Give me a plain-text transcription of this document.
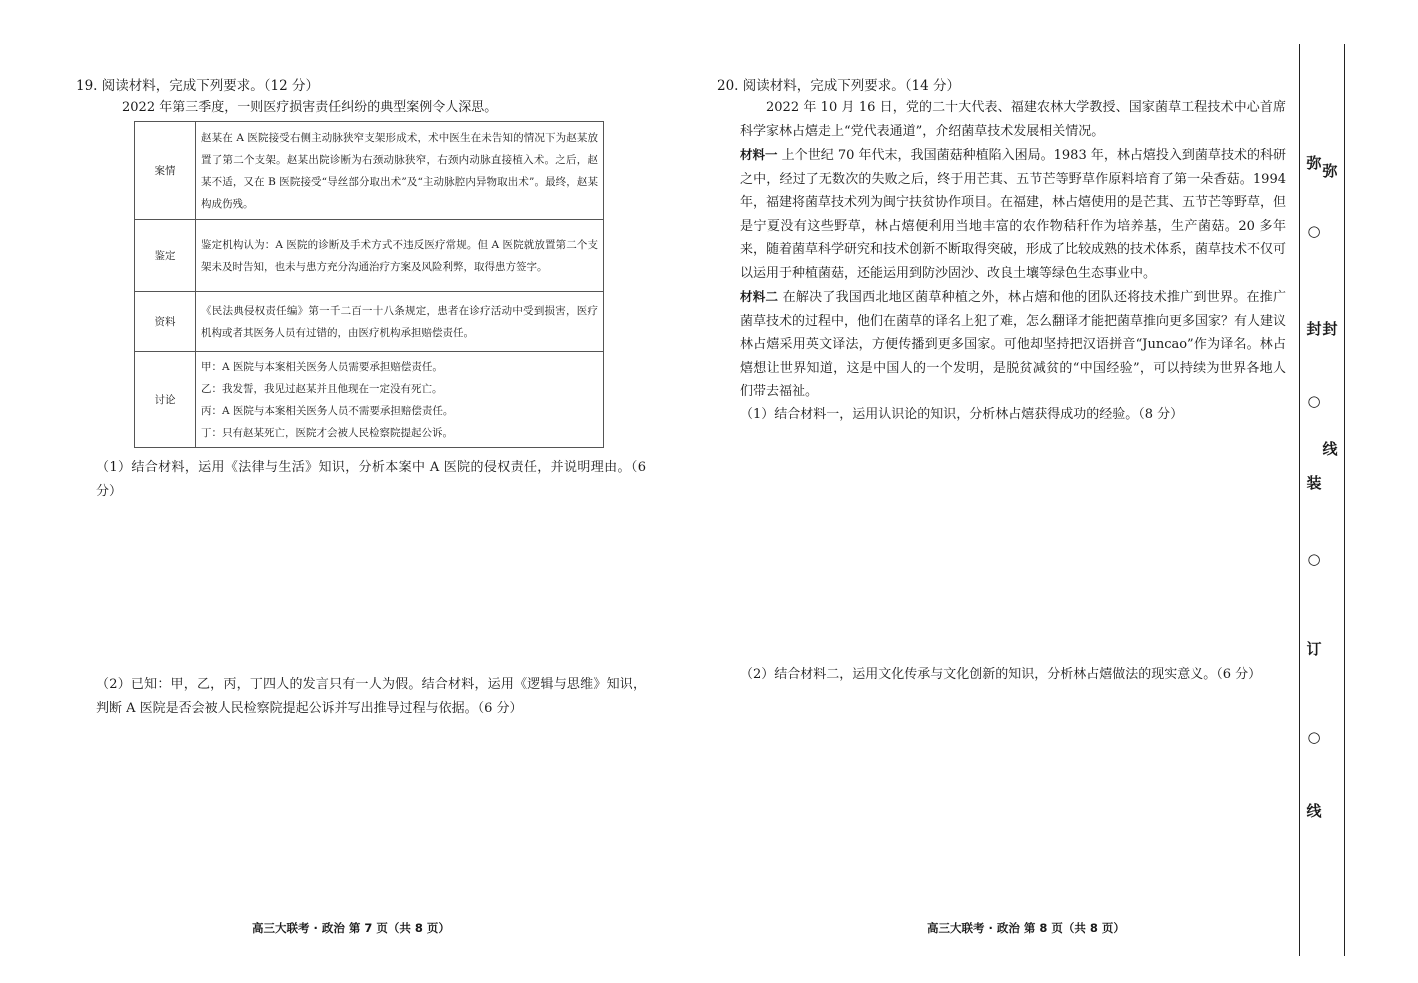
19. 阅读材料，完成下列要求。（12 分）
2022 年第三季度，一则医疗损害责任纠纷的典型案例令人深思。
案情	赵某在 A 医院接受右侧主动脉狭窄支架形成术，术中医生在未告知的情况下为赵某放置了第二个支架。赵某出院诊断为右颈动脉狭窄，右颈内动脉直接植入术。之后，赵某不适，又在 B 医院接受“导丝部分取出术”及“主动脉腔内异物取出术”。最终，赵某构成伤残。
鉴定	鉴定机构认为：A 医院的诊断及手术方式不违反医疗常规。但 A 医院就放置第二个支架未及时告知，也未与患方充分沟通治疗方案及风险利弊，取得患方签字。
资料	《民法典侵权责任编》第一千二百一十八条规定，患者在诊疗活动中受到损害，医疗机构或者其医务人员有过错的，由医疗机构承担赔偿责任。
讨论	甲：A 医院与本案相关医务人员需要承担赔偿责任。
乙：我发誓，我见过赵某并且他现在一定没有死亡。
丙：A 医院与本案相关医务人员不需要承担赔偿责任。
丁：只有赵某死亡，医院才会被人民检察院提起公诉。
（1）结合材料，运用《法律与生活》知识，分析本案中 A 医院的侵权责任，并说明理由。（6 分）
（2）已知：甲，乙，丙，丁四人的发言只有一人为假。结合材料，运用《逻辑与思维》知识，判断 A 医院是否会被人民检察院提起公诉并写出推导过程与依据。（6 分）
20. 阅读材料，完成下列要求。（14 分）
2022 年 10 月 16 日，党的二十大代表、福建农林大学教授、国家菌草工程技术中心首席科学家林占熺走上“党代表通道”，介绍菌草技术发展相关情况。
材料一 上个世纪 70 年代末，我国菌菇种植陷入困局。1983 年，林占熺投入到菌草技术的科研之中，经过了无数次的失败之后，终于用芒萁、五节芒等野草作原料培育了第一朵香菇。1994 年，福建将菌草技术列为闽宁扶贫协作项目。在福建，林占熺使用的是芒萁、五节芒等野草，但是宁夏没有这些野草，林占熺便利用当地丰富的农作物秸秆作为培养基，生产菌菇。20 多年来，随着菌草科学研究和技术创新不断取得突破，形成了比较成熟的技术体系，菌草技术不仅可以运用于种植菌菇，还能运用到防沙固沙、改良土壤等绿色生态事业中。
材料二 在解决了我国西北地区菌草种植之外，林占熺和他的团队还将技术推广到世界。在推广菌草技术的过程中，他们在菌草的译名上犯了难，怎么翻译才能把菌草推向更多国家？有人建议林占熺采用英文译法，方便传播到更多国家。可他却坚持把汉语拼音“Juncao”作为译名。林占熺想让世界知道，这是中国人的一个发明，是脱贫减贫的“中国经验”，可以持续为世界各地人们带去福祉。
（1）结合材料一，运用认识论的知识，分析林占熺获得成功的经验。（8 分）
（2）结合材料二，运用文化传承与文化创新的知识，分析林占熺做法的现实意义。（6 分）
高三大联考 · 政治 第 7 页（共 8 页）	高三大联考 · 政治 第 8 页（共 8 页）
弥
○
封
○
装
○
订
○
线
弥
封
线
